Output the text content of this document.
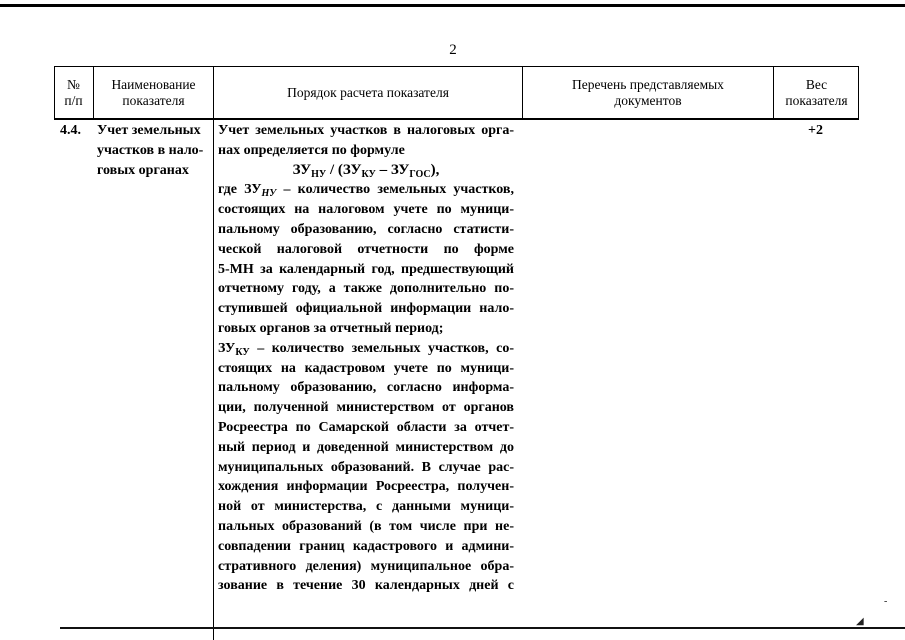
2
№
п/п
Наименование
показателя
Порядок расчета показателя
Перечень представляемых
документов
Вес
показателя
4.4. Учет земельных
участков в нало-
говых органах
+2
Учет земельных участков в налоговых орга-
нах определяется по формуле
$ЗУ_{НУ} / (ЗУ_{КУ} - ЗУ_{ГОС})$,
где $ЗУ_{НУ}$ – количество земельных участков,
состоящих на налоговом учете по муници-
пальному образованию, согласно статисти-
ческой налоговой отчетности по форме
5-МН за календарный год, предшествующий
отчетному году, а также дополнительно по-
ступившей официальной информации нало-
говых органов за отчетный период;
$ЗУ_{КУ}$ – количество земельных участков, со-
стоящих на кадастровом учете по муници-
пальному образованию, согласно информа-
ции, полученной министерством от органов
Росреестра по Самарской области за отчет-
ный период и доведенной министерством до
муниципальных образований. В случае рас-
хождения информации Росреестра, получен-
ной от министерства, с данными муници-
пальных образований (в том числе при не-
совпадении границ кадастрового и админи-
стративного деления) муниципальное обра-
зование в течение 30 календарных дней с
-
◢
